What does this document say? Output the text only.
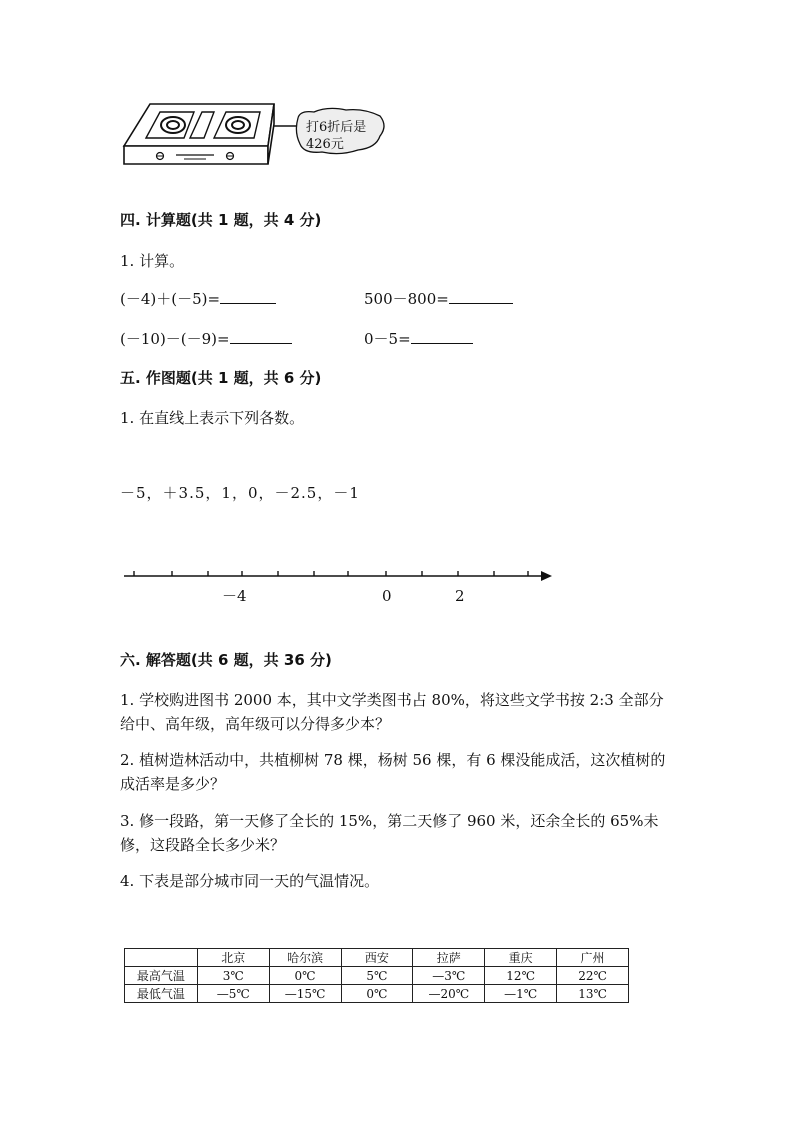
打6折后是
426元
四. 计算题(共 1 题，共 4 分)
1. 计算。
(－4)＋(－5)=	500－800=
(－10)－(－9)=	0－5=
五. 作图题(共 1 题，共 6 分)
1. 在直线上表示下列各数。
－5，＋3.5，1，0，－2.5，－1
－4	0	2
六. 解答题(共 6 题，共 36 分)
1. 学校购进图书 2000 本，其中文学类图书占 80%，将这些文学书按 2:3 全部分给中、高年级，高年级可以分得多少本？
2. 植树造林活动中，共植柳树 78 棵，杨树 56 棵，有 6 棵没能成活，这次植树的成活率是多少？
3. 修一段路，第一天修了全长的 15%，第二天修了 960 米，还余全长的 65%未修，这段路全长多少米？
4. 下表是部分城市同一天的气温情况。
	北京	哈尔滨	西安	拉萨	重庆	广州
最高气温	3℃	0℃	5℃	—3℃	12℃	22℃
最低气温	—5℃	—15℃	0℃	—20℃	—1℃	13℃
